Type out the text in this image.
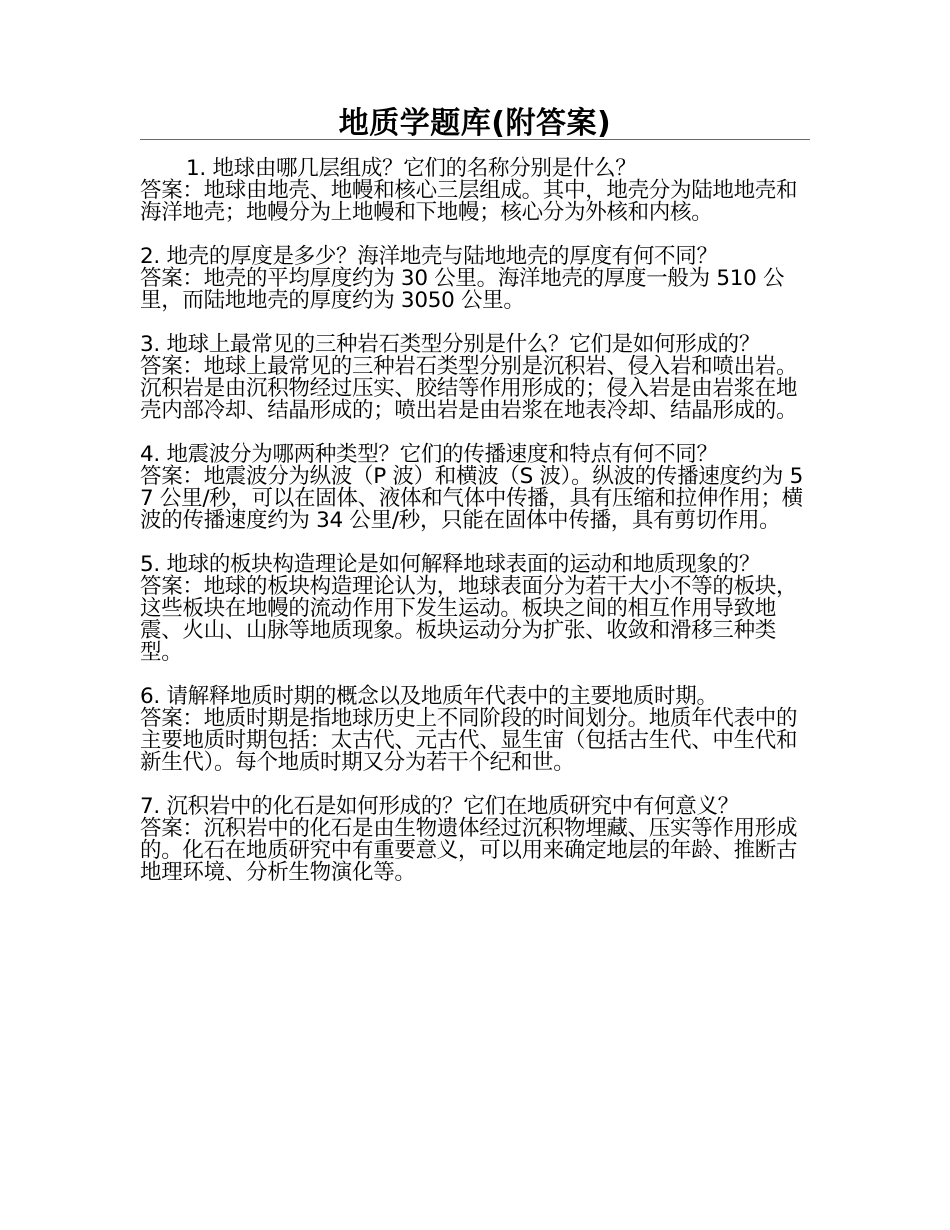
地质学题库(附答案)

1. 地球由哪几层组成？它们的名称分别是什么？

答案：地球由地壳、地幔和核心三层组成。其中，地壳分为陆地地壳和海洋地壳；地幔分为上地幔和下地幔；核心分为外核和内核。

2. 地壳的厚度是多少？海洋地壳与陆地地壳的厚度有何不同？

答案：地壳的平均厚度约为 30 公里。海洋地壳的厚度一般为 510 公里，而陆地地壳的厚度约为 3050 公里。

3. 地球上最常见的三种岩石类型分别是什么？它们是如何形成的？

答案：地球上最常见的三种岩石类型分别是沉积岩、侵入岩和喷出岩。沉积岩是由沉积物经过压实、胶结等作用形成的；侵入岩是由岩浆在地壳内部冷却、结晶形成的；喷出岩是由岩浆在地表冷却、结晶形成的。

4. 地震波分为哪两种类型？它们的传播速度和特点有何不同？

答案：地震波分为纵波（P 波）和横波（S 波）。纵波的传播速度约为 57 公里/秒，可以在固体、液体和气体中传播，具有压缩和拉伸作用；横波的传播速度约为 34 公里/秒，只能在固体中传播，具有剪切作用。

5. 地球的板块构造理论是如何解释地球表面的运动和地质现象的？

答案：地球的板块构造理论认为，地球表面分为若干大小不等的板块，这些板块在地幔的流动作用下发生运动。板块之间的相互作用导致地震、火山、山脉等地质现象。板块运动分为扩张、收敛和滑移三种类型。

6. 请解释地质时期的概念以及地质年代表中的主要地质时期。

答案：地质时期是指地球历史上不同阶段的时间划分。地质年代表中的主要地质时期包括：太古代、元古代、显生宙（包括古生代、中生代和新生代）。每个地质时期又分为若干个纪和世。

7. 沉积岩中的化石是如何形成的？它们在地质研究中有何意义？

答案：沉积岩中的化石是由生物遗体经过沉积物埋藏、压实等作用形成的。化石在地质研究中有重要意义，可以用来确定地层的年龄、推断古地理环境、分析生物演化等。
